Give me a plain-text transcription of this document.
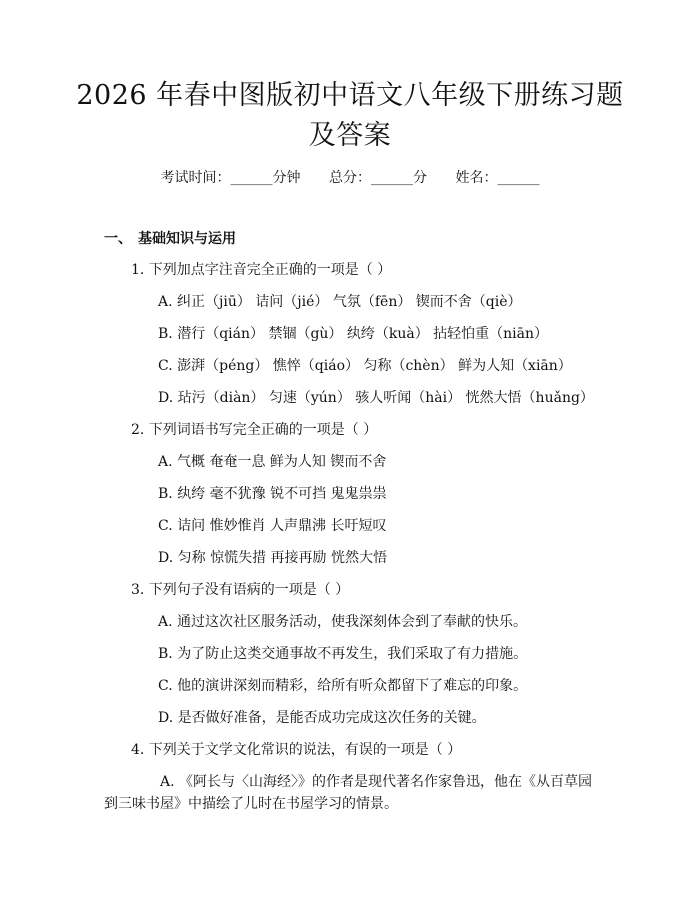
2026 年春中图版初中语文八年级下册练习题
及答案
考试时间：______分钟 总分：______分 姓名：______
一、 基础知识与运用
1. 下列加点字注音完全正确的一项是（ ）
A. 纠正（jiū） 诘问（jié） 气氛（fēn） 锲而不舍（qiè）
B. 潜行（qián） 禁锢（gù） 纨绔（kuà） 拈轻怕重（niān）
C. 澎湃（péng） 憔悴（qiáo） 匀称（chèn） 鲜为人知（xiān）
D. 玷污（diàn） 匀速（yún） 骇人听闻（hài） 恍然大悟（huǎng）
2. 下列词语书写完全正确的一项是（ ）
A. 气概 奄奄一息 鲜为人知 锲而不舍
B. 纨绔 毫不犹豫 锐不可挡 鬼鬼祟祟
C. 诘问 惟妙惟肖 人声鼎沸 长吁短叹
D. 匀称 惊慌失措 再接再励 恍然大悟
3. 下列句子没有语病的一项是（ ）
A. 通过这次社区服务活动，使我深刻体会到了奉献的快乐。
B. 为了防止这类交通事故不再发生，我们采取了有力措施。
C. 他的演讲深刻而精彩，给所有听众都留下了难忘的印象。
D. 是否做好准备，是能否成功完成这次任务的关键。
4. 下列关于文学文化常识的说法，有误的一项是（ ）
A. 《阿长与〈山海经〉》的作者是现代著名作家鲁迅，他在《从百草园到三味书屋》中描绘了儿时在书屋学习的情景。
